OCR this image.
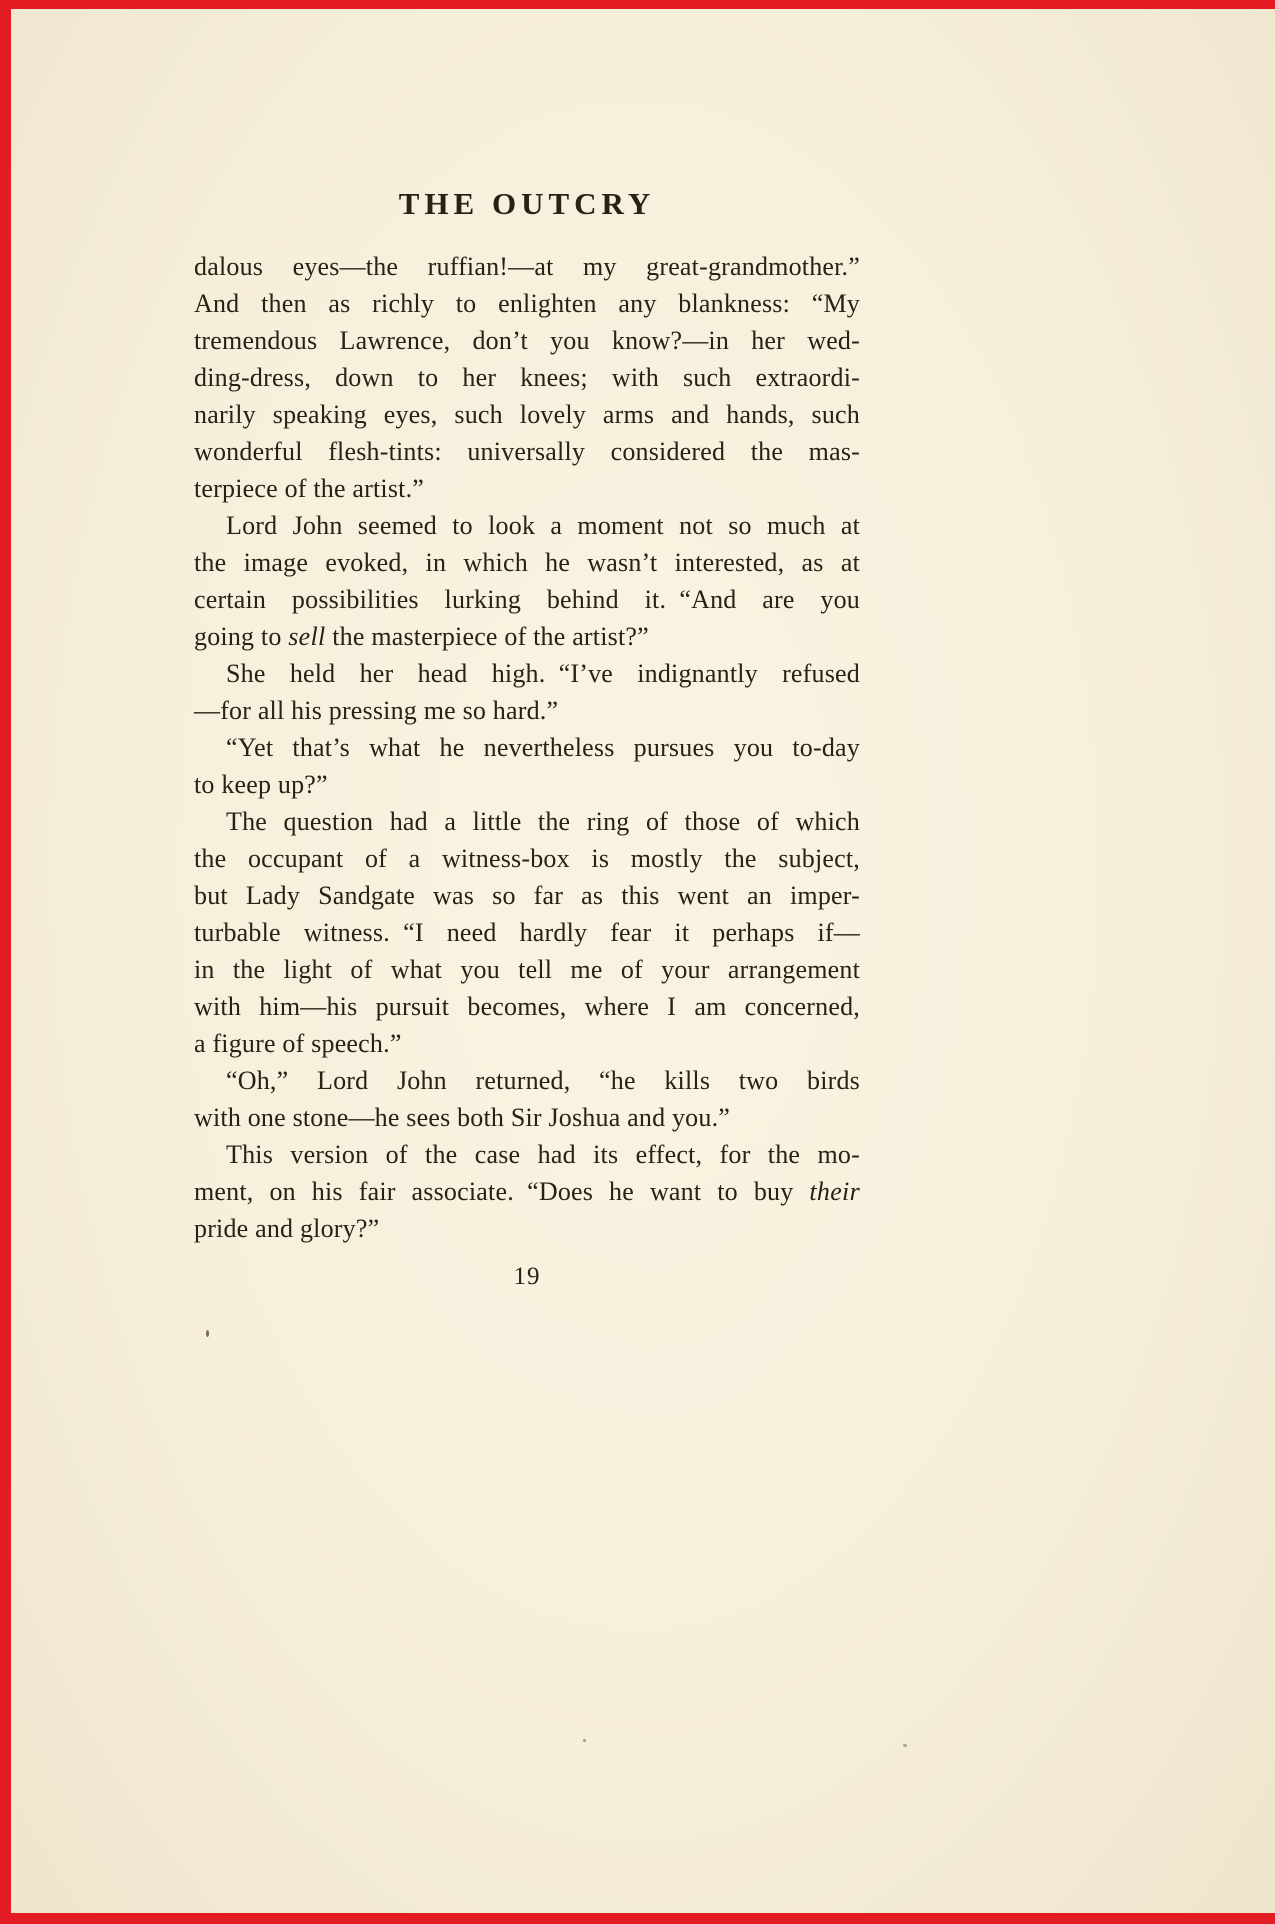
THE OUTCRY
dalous eyes—the ruffian!—at my great-grandmother.”
And then as richly to enlighten any blankness: “My
tremendous Lawrence, don’t you know?—in her wed-
ding-dress, down to her knees; with such extraordi-
narily speaking eyes, such lovely arms and hands, such
wonderful flesh-tints: universally considered the mas-
terpiece of the artist.”
Lord John seemed to look a moment not so much at
the image evoked, in which he wasn’t interested, as at
certain possibilities lurking behind it. “And are you
going to sell the masterpiece of the artist?”
She held her head high. “I’ve indignantly refused
—for all his pressing me so hard.”
“Yet that’s what he nevertheless pursues you to-day
to keep up?”
The question had a little the ring of those of which
the occupant of a witness-box is mostly the subject,
but Lady Sandgate was so far as this went an imper-
turbable witness. “I need hardly fear it perhaps if—
in the light of what you tell me of your arrangement
with him—his pursuit becomes, where I am concerned,
a figure of speech.”
“Oh,” Lord John returned, “he kills two birds
with one stone—he sees both Sir Joshua and you.”
This version of the case had its effect, for the mo-
ment, on his fair associate. “Does he want to buy their
pride and glory?”
19
